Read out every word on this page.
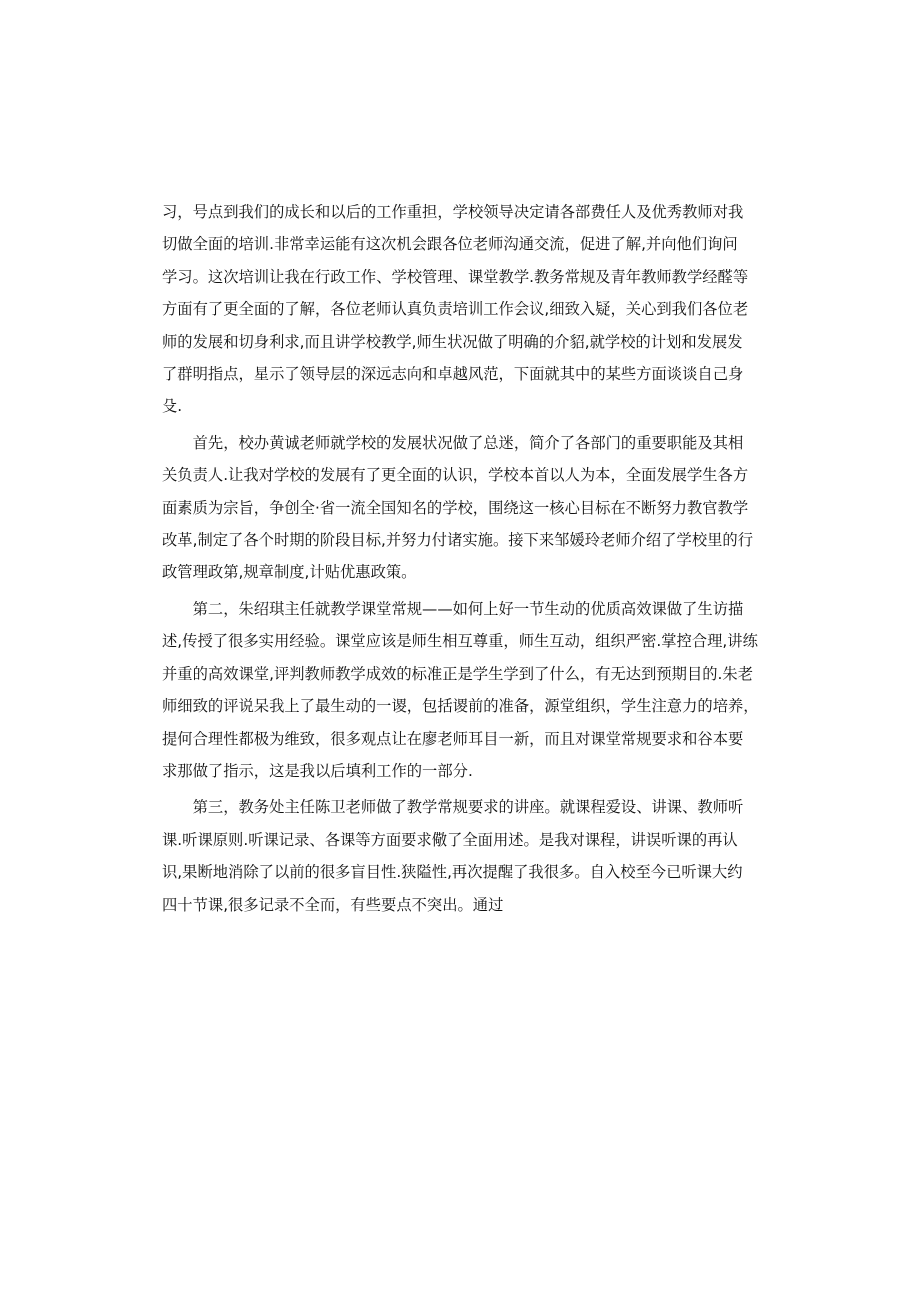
习，号点到我们的成长和以后的工作重担，学校领导决定请各部费任人及优秀教师对我
切做全面的培训.非常幸运能有这次机会跟各位老师沟通交流，促进了解,并向他们询问
学习。这次培训让我在行政工作、学校管理、课堂教学.教务常规及青年教师教学经醛等
方面有了更全面的了解，各位老师认真负责培训工作会议,细致入疑，关心到我们各位老
师的发展和切身利求,而且讲学校教学,师生状况做了明确的介貂,就学校的计划和发展发
了群明指点，星示了领导层的深远志向和卓越风范，下面就其中的某些方面谈谈自己身
殳.

　　首先，校办黄诚老师就学校的发展状况做了总迷，简介了各部门的重要职能及其相
关负责人.让我对学校的发展有了更全面的认识，学校本首以人为本，全面发展学生各方
面素质为宗旨，争创全·省一流全国知名的学校，围绕这一核心目标在不断努力教官教学
改革,制定了各个时期的阶段目标,并努力付诸实施。接下来邹媛玲老师介绍了学校里的行
政管理政第,规章制度,计贴优惠政策。

　　第二，朱绍琪主任就教学课堂常规——如何上好一节生动的优质高效课做了生访描
述,传授了很多实用经验。课堂应该是师生相互尊重，师生互动，组织严密.掌控合理,讲练
并重的高效课堂,评判教师教学成效的标准正是学生学到了什么，有无达到预期目的.朱老
师细致的评说呆我上了最生动的一谡，包括谡前的准备，源堂组织，学生注意力的培养，
提何合理性都极为维致，很多观点让在廖老师耳目一新，而且对课堂常规要求和谷本要
求那做了指示，这是我以后填利工作的一部分.

　　第三，教务处主任陈卫老师做了教学常规要求的讲座。就课程爱设、讲课、教师听
课.听课原则.听课记录、各课等方面要求儆了全面用述。是我对课程，讲误听课的再认
识,果断地消除了以前的很多盲目性.狭隘性,再次提醒了我很多。自入校至今已听课大约
四十节课,很多记录不全而，有些要点不突出。通过
